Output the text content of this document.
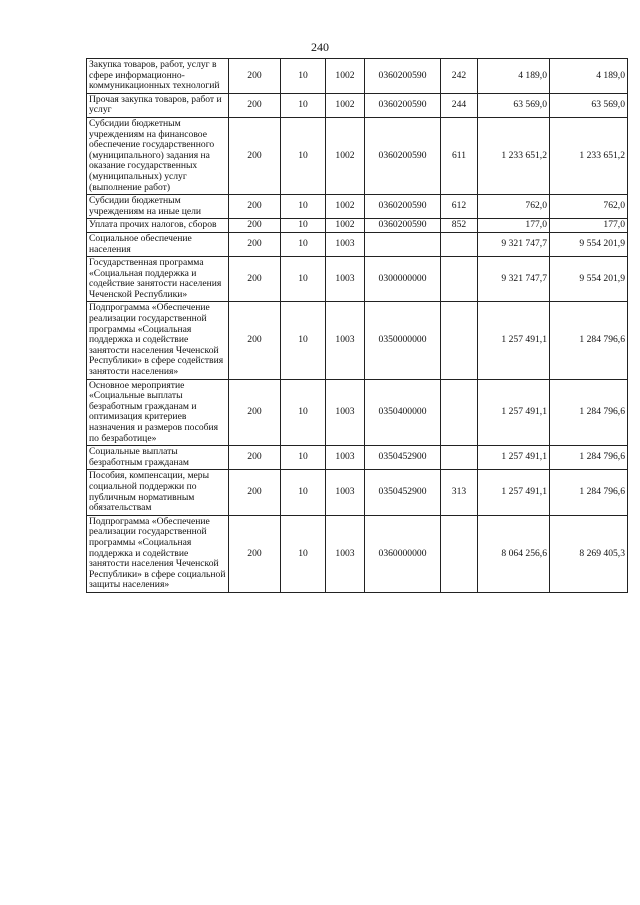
240
Закупка товаров, работ, услуг в сфере информационно-коммуникационных технологий	200	10	1002	0360200590	242	4 189,0	4 189,0
Прочая закупка товаров, работ и услуг	200	10	1002	0360200590	244	63 569,0	63 569,0
Субсидии бюджетным учреждениям на финансовое обеспечение государственного (муниципального) задания на оказание государственных (муниципальных) услуг (выполнение работ)	200	10	1002	0360200590	611	1 233 651,2	1 233 651,2
Субсидии бюджетным учреждениям на иные цели	200	10	1002	0360200590	612	762,0	762,0
Уплата прочих налогов, сборов	200	10	1002	0360200590	852	177,0	177,0
Социальное обеспечение населения	200	10	1003			9 321 747,7	9 554 201,9
Государственная программа «Социальная поддержка и содействие занятости населения Чеченской Республики»	200	10	1003	0300000000		9 321 747,7	9 554 201,9
Подпрограмма «Обеспечение реализации государственной программы «Социальная поддержка и содействие занятости населения Чеченской Республики» в сфере содействия занятости населения»	200	10	1003	0350000000		1 257 491,1	1 284 796,6
Основное мероприятие «Социальные выплаты безработным гражданам и оптимизация критериев назначения и размеров пособия по безработице»	200	10	1003	0350400000		1 257 491,1	1 284 796,6
Социальные выплаты безработным гражданам	200	10	1003	0350452900		1 257 491,1	1 284 796,6
Пособия, компенсации, меры социальной поддержки по публичным нормативным обязательствам	200	10	1003	0350452900	313	1 257 491,1	1 284 796,6
Подпрограмма «Обеспечение реализации государственной программы «Социальная поддержка и содействие занятости населения Чеченской Республики» в сфере социальной защиты населения»	200	10	1003	0360000000		8 064 256,6	8 269 405,3
